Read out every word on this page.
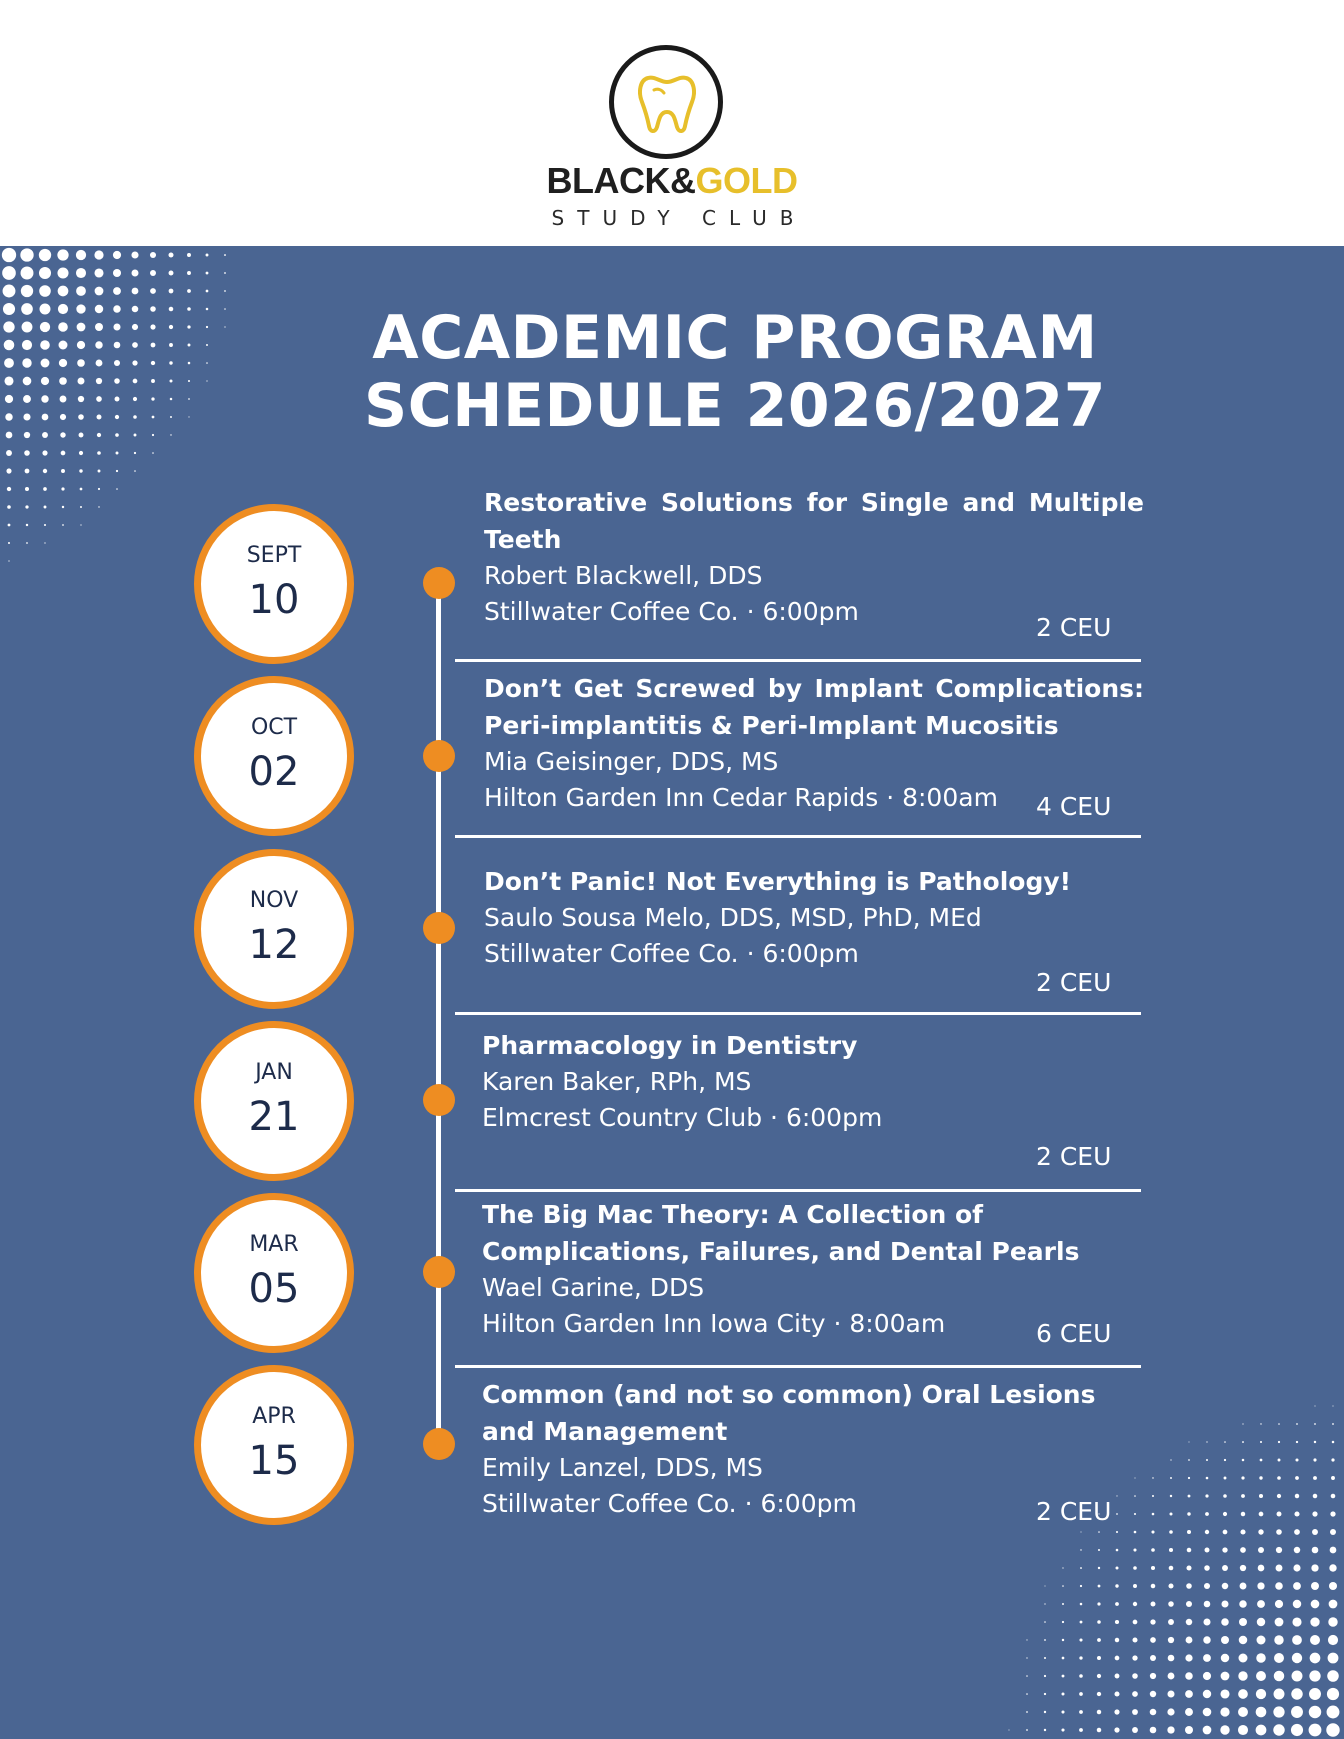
BLACK&GOLD
STUDY CLUB
ACADEMIC PROGRAM
SCHEDULE 2026/2027
SEPT
10
Restorative Solutions for Single and Multiple Teeth
Robert Blackwell, DDS
Stillwater Coffee Co. · 6:00pm
2 CEU
OCT
02
Don’t Get Screwed by Implant Complications: Peri-implantitis & Peri-Implant Mucositis
Mia Geisinger, DDS, MS
Hilton Garden Inn Cedar Rapids · 8:00am	4 CEU
NOV
12
Don’t Panic! Not Everything is Pathology!
Saulo Sousa Melo, DDS, MSD, PhD, MEd
Stillwater Coffee Co. · 6:00pm
2 CEU
JAN
21
Pharmacology in Dentistry
Karen Baker, RPh, MS
Elmcrest Country Club · 6:00pm
2 CEU
MAR
05
The Big Mac Theory: A Collection of Complications, Failures, and Dental Pearls
Wael Garine, DDS
Hilton Garden Inn Iowa City · 8:00am	6 CEU
APR
15
Common (and not so common) Oral Lesions and Management
Emily Lanzel, DDS, MS
Stillwater Coffee Co. · 6:00pm	2 CEU
